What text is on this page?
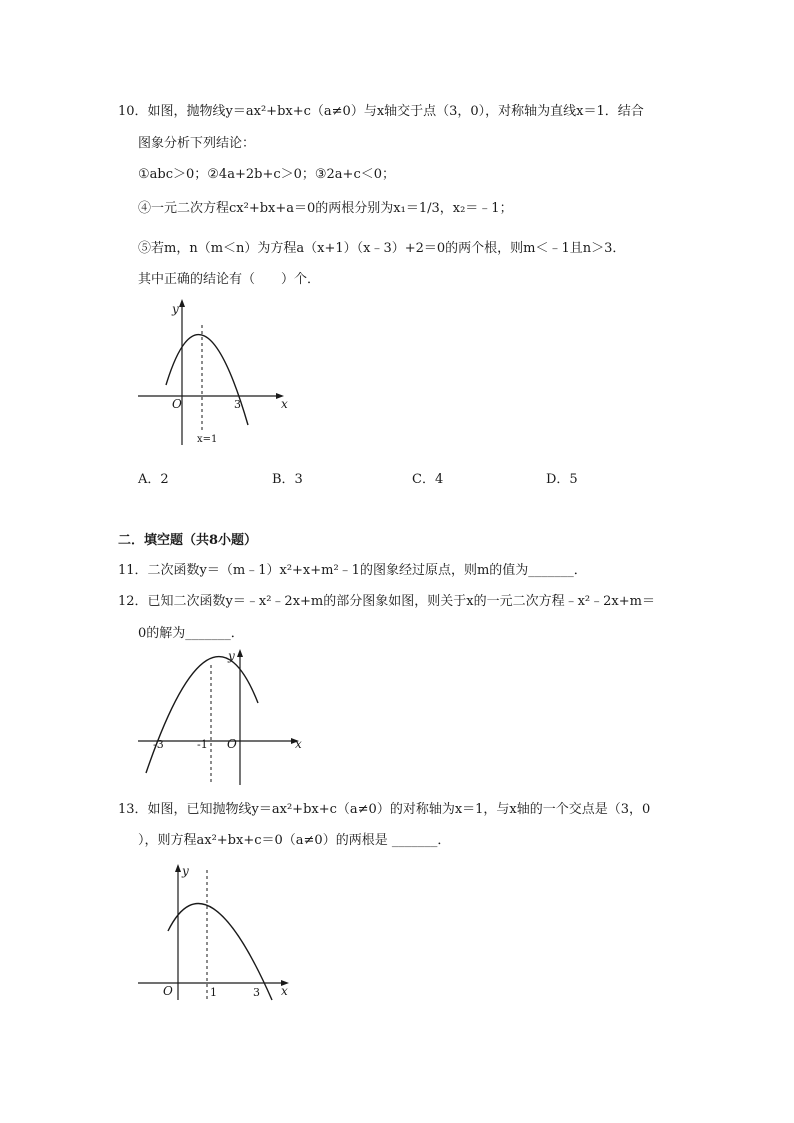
10．如图，抛物线y＝ax²+bx+c（a≠0）与x轴交于点（3，0），对称轴为直线x＝1．结合
图象分析下列结论：
①abc＞0；②4a+2b+c＞0；③2a+c＜0；
④一元二次方程cx²+bx+a＝0的两根分别为x₁＝1/3，x₂＝﹣1；
⑤若m，n（m＜n）为方程a（x+1）（x﹣3）+2＝0的两个根，则m＜﹣1且n＞3．
其中正确的结论有（　　）个．
y
O	3	x
x=1
A．2	B．3	C．4	D．5
二．填空题（共8小题）
11．二次函数y＝（m﹣1）x²+x+m²﹣1的图象经过原点，则m的值为_______．
12．已知二次函数y＝﹣x²﹣2x+m的部分图象如图，则关于x的一元二次方程﹣x²﹣2x+m＝
0的解为_______．
y
-3	-1 O	x
13．如图，已知抛物线y＝ax²+bx+c（a≠0）的对称轴为x＝1，与x轴的一个交点是（3，0
），则方程ax²+bx+c＝0（a≠0）的两根是 _______．
y
O	1	3 x
